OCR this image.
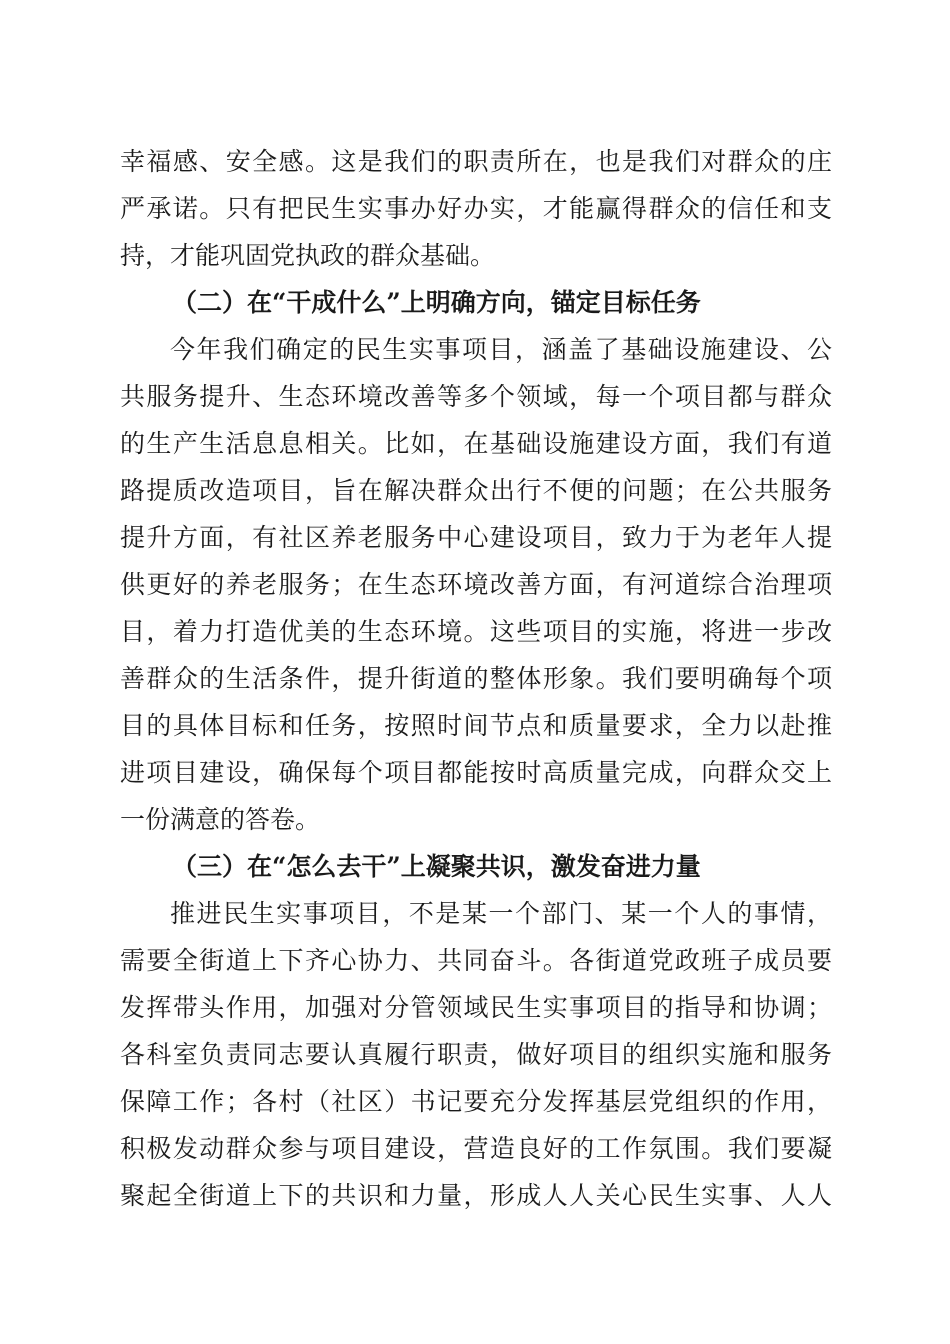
幸福感、安全感。这是我们的职责所在，也是我们对群众的庄
严承诺。只有把民生实事办好办实，才能赢得群众的信任和支
持，才能巩固党执政的群众基础。
（二）在“干成什么”上明确方向，锚定目标任务
今年我们确定的民生实事项目，涵盖了基础设施建设、公
共服务提升、生态环境改善等多个领域，每一个项目都与群众
的生产生活息息相关。比如，在基础设施建设方面，我们有道
路提质改造项目，旨在解决群众出行不便的问题；在公共服务
提升方面，有社区养老服务中心建设项目，致力于为老年人提
供更好的养老服务；在生态环境改善方面，有河道综合治理项
目，着力打造优美的生态环境。这些项目的实施，将进一步改
善群众的生活条件，提升街道的整体形象。我们要明确每个项
目的具体目标和任务，按照时间节点和质量要求，全力以赴推
进项目建设，确保每个项目都能按时高质量完成，向群众交上
一份满意的答卷。
（三）在“怎么去干”上凝聚共识，激发奋进力量
推进民生实事项目，不是某一个部门、某一个人的事情，
需要全街道上下齐心协力、共同奋斗。各街道党政班子成员要
发挥带头作用，加强对分管领域民生实事项目的指导和协调；
各科室负责同志要认真履行职责，做好项目的组织实施和服务
保障工作；各村（社区）书记要充分发挥基层党组织的作用，
积极发动群众参与项目建设，营造良好的工作氛围。我们要凝
聚起全街道上下的共识和力量，形成人人关心民生实事、人人
